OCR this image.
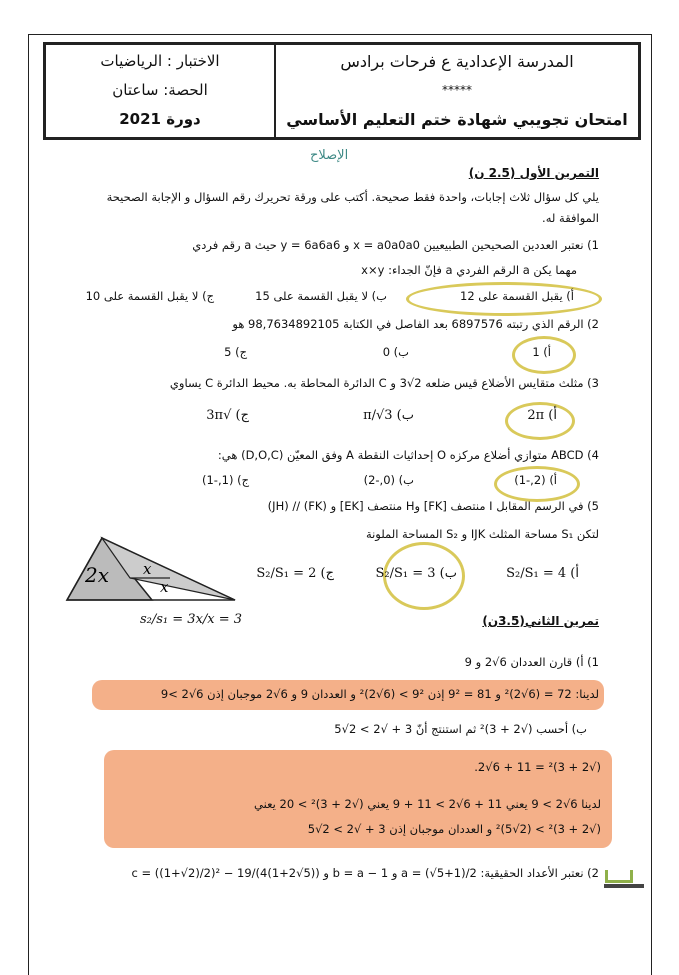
الاختبار : الرياضيات
الحصة: ساعتان
دورة 2021
المدرسة الإعدادية ع فرحات برادس
*****
امتحان تجويبي شهادة ختم التعليم الأساسي
الإصلاح
التمرين الأول (2.5 ن)
يلي كل سؤال ثلاث إجابات، واحدة فقط صحيحة. أكتب على ورقة تحريرك رقم السؤال و الإجابة الصحيحة
الموافقة له.
1) نعتبر العددين الصحيحين الطبيعيين x = a0a0a0 و y = 6a6a6 حيث a رقم فردي
مهما يكن a الرقم الفردي a فإنّ الجداء: x×y
أ) يقبل القسمة على 12
ب) لا يقبل القسمة على 15
ج) لا يقبل القسمة على 10
2) الرقم الذي رتبته 6897576 بعد الفاصل في الكتابة 98,7634892105 هو
أ) 1
ب) 0
ج) 5
3) مثلث متقايس الأضلاع قيس ضلعه 2√3 و C الدائرة المحاطة به. محيط الدائرة C يساوي
أ) 2π
ب) π/√3
ج) √3π
4) ABCD متوازي أضلاع مركزه O إحداثيات النقطة A وفق المعيّن (D,O,C) هي:
أ) (2,-1)
ب) (0,-2)
ج) (1,-1)
5) في الرسم المقابل I منتصف [FK] وH منتصف [EK] و (FK) // (JH)
لتكن S₁ مساحة المثلث IJK و S₂ المساحة الملونة
أ) S₂/S₁ = 4
ب) S₂/S₁ = 3
ج) S₂/S₁ = 2
2x x
x
s₂/s₁ = 3x/x = 3	تمرين الثاني(3.5ن)
1) أ) قارن العددان 6√2 و 9
لدينا: 72 = (6√2)² و 81 = 9² إذن 9² > (6√2)² و العددان 9 و 6√2 موجبان إذن 6√2 >9
ب) أحسب (√2 + 3)² ثم استنتج أنّ 3 + √2 > 2√5
(√2 + 3)² = 11 + 6√2.
لدينا 6√2 > 9 يعني 11 + 6√2 > 11 + 9 يعني (√2 + 3)² > 20 يعني
(√2 + 3)² > (2√5)² و العددان موجبان إذن 3 + √2 > 2√5
2) نعتبر الأعداد الحقيقية: a = (√5+1)/2 و b = a − 1 و c = ((1+√2)/2)² − 19/(4(1+2√5))
